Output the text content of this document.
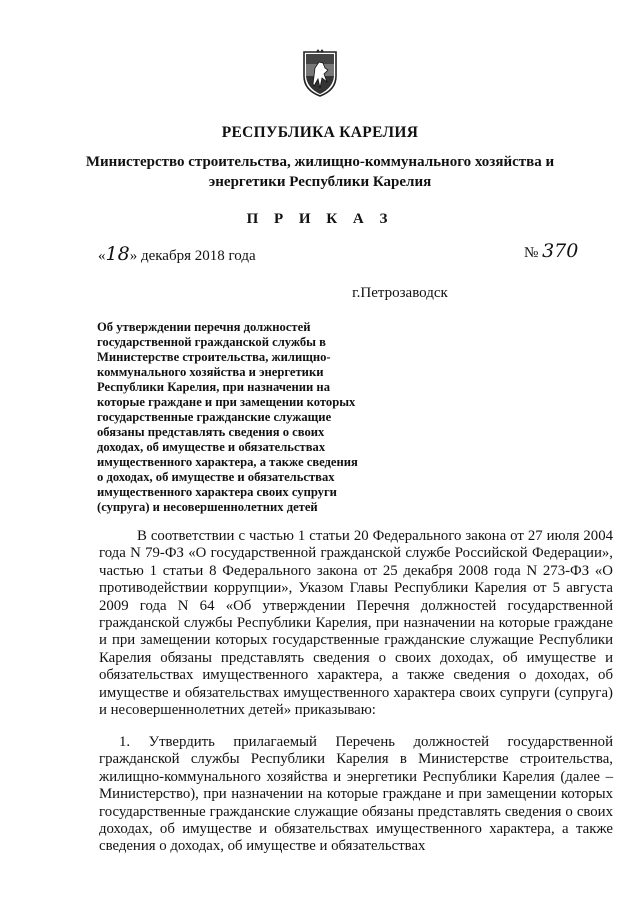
РЕСПУБЛИКА КАРЕЛИЯ
Министерство строительства, жилищно-коммунального хозяйства и энергетики Республики Карелия
П Р И К А З
«18» декабря 2018 года	№ 370
г.Петрозаводск
Об утверждении перечня должностей государственной гражданской службы в Министерстве строительства, жилищно-коммунального хозяйства и энергетики Республики Карелия, при назначении на которые граждане и при замещении которых государственные гражданские служащие обязаны представлять сведения о своих доходах, об имуществе и обязательствах имущественного характера, а также сведения о доходах, об имуществе и обязательствах имущественного характера своих супруги (супруга) и несовершеннолетних детей
В соответствии с частью 1 статьи 20 Федерального закона от 27 июля 2004 года N 79-ФЗ «О государственной гражданской службе Российской Федерации», частью 1 статьи 8 Федерального закона от 25 декабря 2008 года N 273-ФЗ «О противодействии коррупции», Указом Главы Республики Карелия от 5 августа 2009 года N 64 «Об утверждении Перечня должностей государственной гражданской службы Республики Карелия, при назначении на которые граждане и при замещении которых государственные гражданские служащие Республики Карелия обязаны представлять сведения о своих доходах, об имуществе и обязательствах имущественного характера, а также сведения о доходах, об имуществе и обязательствах имущественного характера своих супруги (супруга) и несовершеннолетних детей» приказываю:
1. Утвердить прилагаемый Перечень должностей государственной гражданской службы Республики Карелия в Министерстве строительства, жилищно-коммунального хозяйства и энергетики Республики Карелия (далее – Министерство), при назначении на которые граждане и при замещении которых государственные гражданские служащие обязаны представлять сведения о своих доходах, об имуществе и обязательствах имущественного характера, а также сведения о доходах, об имуществе и обязательствах
